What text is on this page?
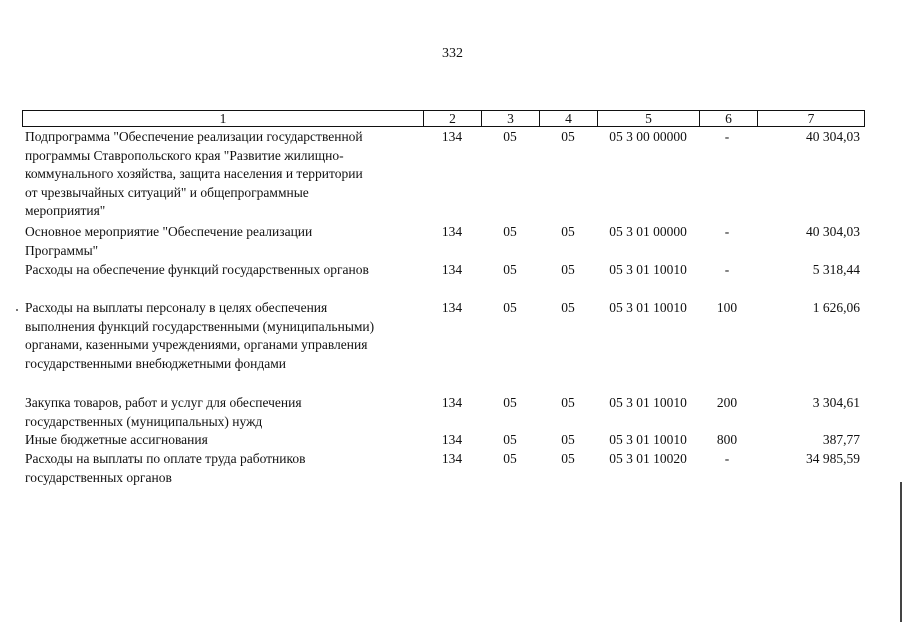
332
1	2	3	4	5	6	7
Подпрограмма "Обеспечение реализации государственной
программы Ставропольского края "Развитие жилищно-
коммунального хозяйства, защита населения и территории
от чрезвычайных ситуаций" и общепрограммные
мероприятия"
134	05	05	05 3 00 00000	-	40 304,03
Основное мероприятие "Обеспечение реализации
Программы"
134	05	05	05 3 01 00000	-	40 304,03
Расходы на обеспечение функций государственных органов	134	05	05	05 3 01 10010	-	5 318,44
Расходы на выплаты персоналу в целях обеспечения
выполнения функций государственными (муниципальными)
органами, казенными учреждениями, органами управления
государственными внебюджетными фондами
134	05	05	05 3 01 10010	100	1 626,06
Закупка товаров, работ и услуг для обеспечения
государственных (муниципальных) нужд
134	05	05	05 3 01 10010	200	3 304,61
Иные бюджетные ассигнования	134	05	05	05 3 01 10010	800	387,77
Расходы на выплаты по оплате труда работников
государственных органов
134	05	05	05 3 01 10020	-	34 985,59
